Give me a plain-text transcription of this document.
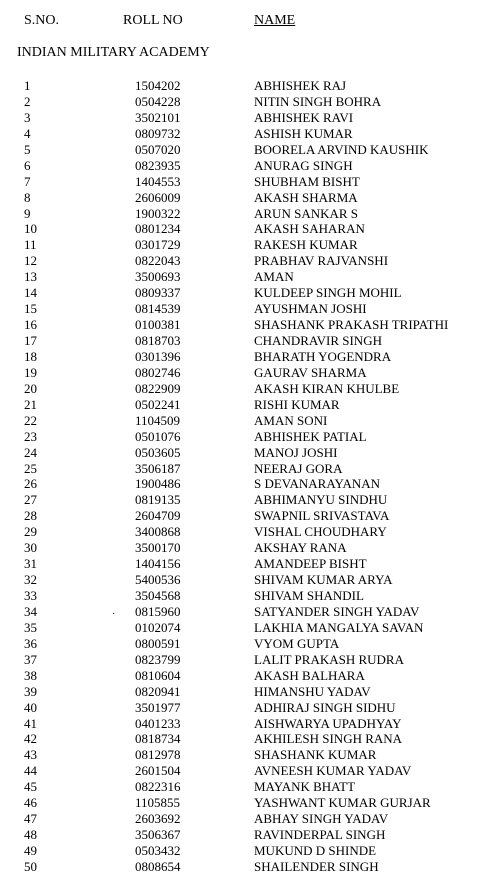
S.NO.	ROLL NO	NAME
INDIAN MILITARY ACADEMY
1	1504202	ABHISHEK RAJ
2	0504228	NITIN SINGH BOHRA
3	3502101	ABHISHEK RAVI
4	0809732	ASHISH KUMAR
5	0507020	BOORELA ARVIND KAUSHIK
6	0823935	ANURAG SINGH
7	1404553	SHUBHAM BISHT
8	2606009	AKASH SHARMA
9	1900322	ARUN SANKAR S
10	0801234	AKASH SAHARAN
11	0301729	RAKESH KUMAR
12	0822043	PRABHAV RAJVANSHI
13	3500693	AMAN
14	0809337	KULDEEP SINGH MOHIL
15	0814539	AYUSHMAN JOSHI
16	0100381	SHASHANK PRAKASH TRIPATHI
17	0818703	CHANDRAVIR SINGH
18	0301396	BHARATH YOGENDRA
19	0802746	GAURAV SHARMA
20	0822909	AKASH KIRAN KHULBE
21	0502241	RISHI KUMAR
22	1104509	AMAN SONI
23	0501076	ABHISHEK PATIAL
24	0503605	MANOJ JOSHI
25	3506187	NEERAJ GORA
26	1900486	S DEVANARAYANAN
27	0819135	ABHIMANYU SINDHU
28	2604709	SWAPNIL SRIVASTAVA
29	3400868	VISHAL CHOUDHARY
30	3500170	AKSHAY RANA
31	1404156	AMANDEEP BISHT
32	5400536	SHIVAM KUMAR ARYA
33	3504568	SHIVAM SHANDIL
34	0815960	SATYANDER SINGH YADAV
35	0102074	LAKHIA MANGALYA SAVAN
36	0800591	VYOM GUPTA
37	0823799	LALIT PRAKASH RUDRA
38	0810604	AKASH BALHARA
39	0820941	HIMANSHU YADAV
40	3501977	ADHIRAJ SINGH SIDHU
41	0401233	AISHWARYA UPADHYAY
42	0818734	AKHILESH SINGH RANA
43	0812978	SHASHANK KUMAR
44	2601504	AVNEESH KUMAR YADAV
45	0822316	MAYANK BHATT
46	1105855	YASHWANT KUMAR GURJAR
47	2603692	ABHAY SINGH YADAV
48	3506367	RAVINDERPAL SINGH
49	0503432	MUKUND D SHINDE
50	0808654	SHAILENDER SINGH
·
